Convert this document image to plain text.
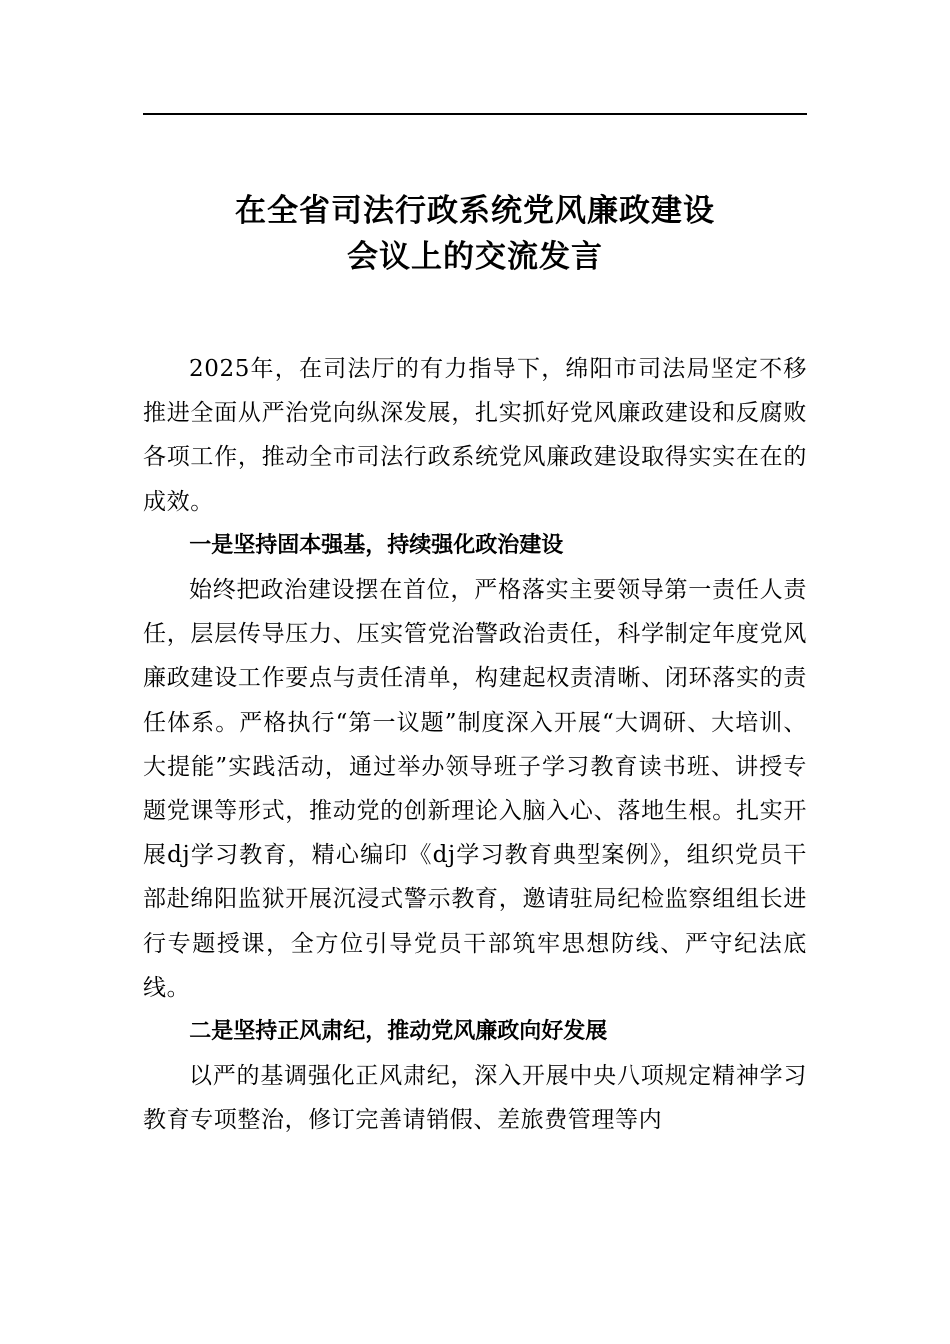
在全省司法行政系统党风廉政建设
会议上的交流发言

2025年，在司法厅的有力指导下，绵阳市司法局坚定不移推进全面从严治党向纵深发展，扎实抓好党风廉政建设和反腐败各项工作，推动全市司法行政系统党风廉政建设取得实实在在的成效。

一是坚持固本强基，持续强化政治建设

始终把政治建设摆在首位，严格落实主要领导第一责任人责任，层层传导压力、压实管党治警政治责任，科学制定年度党风廉政建设工作要点与责任清单，构建起权责清晰、闭环落实的责任体系。严格执行“第一议题”制度深入开展“大调研、大培训、大提能”实践活动，通过举办领导班子学习教育读书班、讲授专题党课等形式，推动党的创新理论入脑入心、落地生根。扎实开展dj学习教育，精心编印《dj学习教育典型案例》，组织党员干部赴绵阳监狱开展沉浸式警示教育，邀请驻局纪检监察组组长进行专题授课，全方位引导党员干部筑牢思想防线、严守纪法底线。

二是坚持正风肃纪，推动党风廉政向好发展

以严的基调强化正风肃纪，深入开展中央八项规定精神学习教育专项整治，修订完善请销假、差旅费管理等内
